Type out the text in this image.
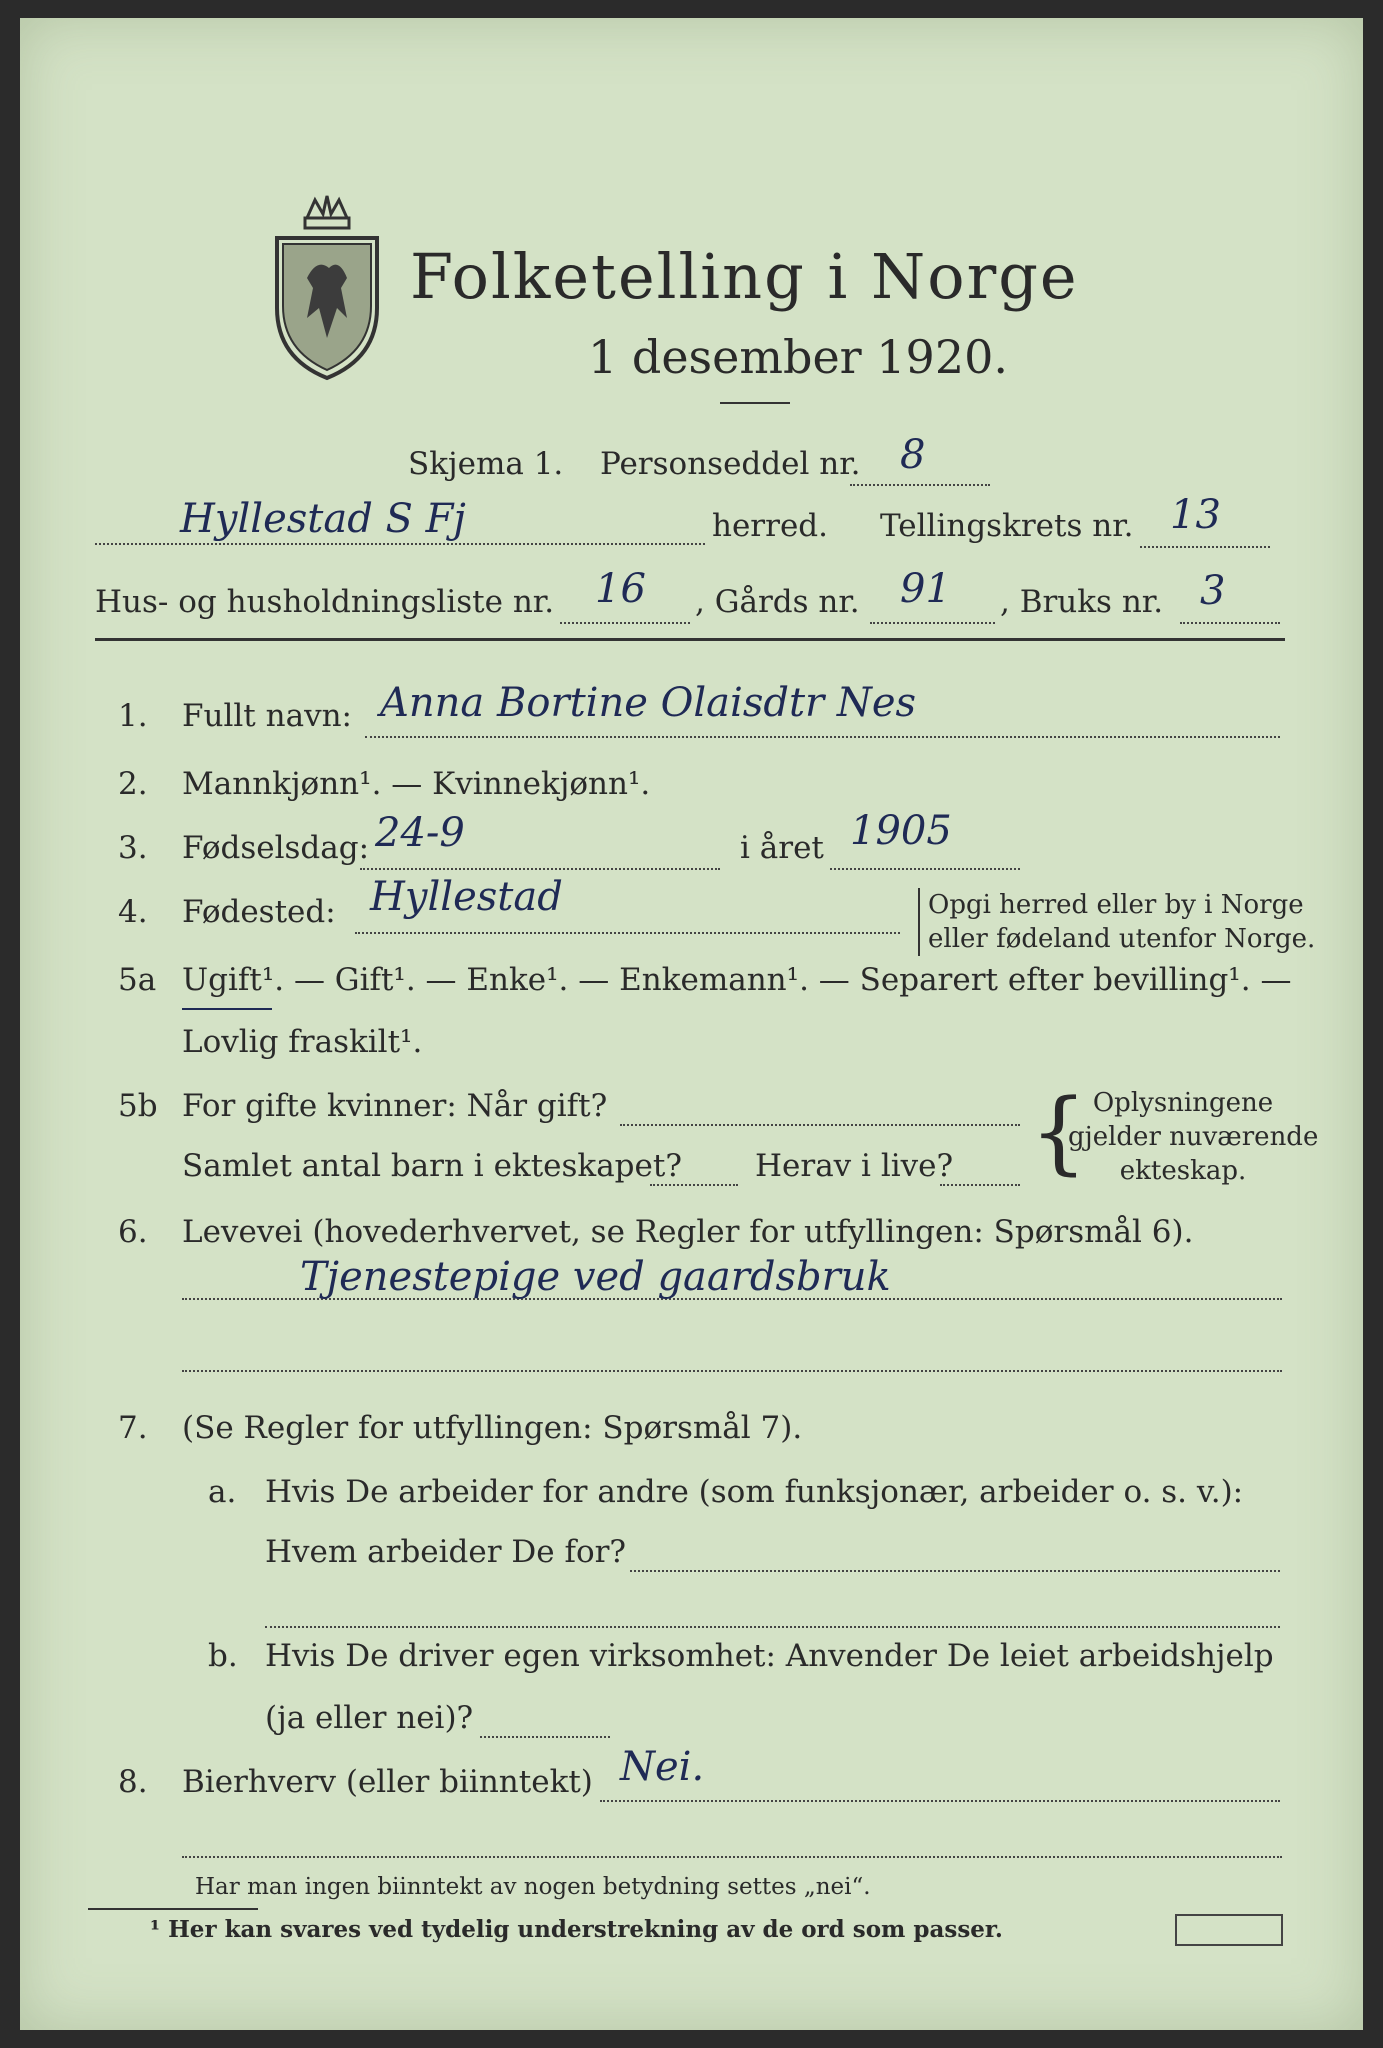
Folketelling i Norge
1 desember 1920.
Skjema 1. Personseddel nr. 8
Hyllestad S Fj	herred. Tellingskrets nr. 13
Hus- og husholdningsliste nr. 16 , Gårds nr. 91 , Bruks nr. 3
1.	Fullt navn: Anna Bortine Olaisdtr Nes
2.	Mannkjønn¹. — Kvinnekjønn¹.
3.	Fødselsdag: 24-9	i året 1905
4.	Fødested: Hyllestad	Opgi herred eller by i Norge
eller fødeland utenfor Norge.
5a Ugift¹. — Gift¹. — Enke¹. — Enkemann¹. — Separert efter bevilling¹. —
Lovlig fraskilt¹.
5b For gifte kvinner: Når gift?
Samlet antal barn i ekteskapet? Herav i live? { Oplysningene
gjelder nuværende
ekteskap.
6.	Levevei (hovederhvervet, se Regler for utfyllingen: Spørsmål 6).
Tjenestepige ved gaardsbruk
7.	(Se Regler for utfyllingen: Spørsmål 7).
a. Hvis De arbeider for andre (som funksjonær, arbeider o. s. v.):
Hvem arbeider De for?
b. Hvis De driver egen virksomhet: Anvender De leiet arbeidshjelp
(ja eller nei)?
8.	Bierhverv (eller biinntekt) Nei.
Har man ingen biinntekt av nogen betydning settes „nei“.
¹ Her kan svares ved tydelig understrekning av de ord som passer.
